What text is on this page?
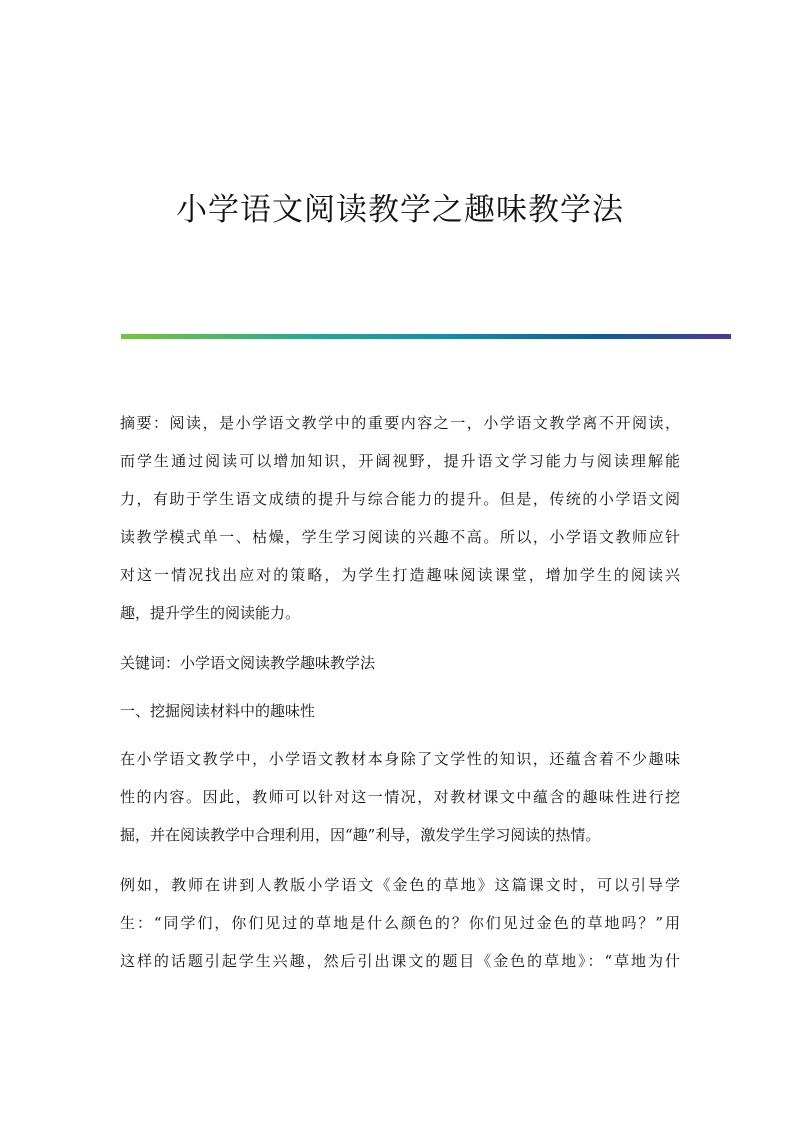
小学语文阅读教学之趣味教学法

摘要：阅读，是小学语文教学中的重要内容之一，小学语文教学离不开阅读，
而学生通过阅读可以增加知识，开阔视野，提升语文学习能力与阅读理解能
力，有助于学生语文成绩的提升与综合能力的提升。但是，传统的小学语文阅
读教学模式单一、枯燥，学生学习阅读的兴趣不高。所以，小学语文教师应针
对这一情况找出应对的策略，为学生打造趣味阅读课堂，增加学生的阅读兴
趣，提升学生的阅读能力。

关键词：小学语文阅读教学趣味教学法

一、挖掘阅读材料中的趣味性

在小学语文教学中，小学语文教材本身除了文学性的知识，还蕴含着不少趣味
性的内容。因此，教师可以针对这一情况，对教材课文中蕴含的趣味性进行挖
掘，并在阅读教学中合理利用，因“趣”利导，激发学生学习阅读的热情。

例如，教师在讲到人教版小学语文《金色的草地》这篇课文时，可以引导学
生：“同学们，你们见过的草地是什么颜色的？你们见过金色的草地吗？”用
这样的话题引起学生兴趣，然后引出课文的题目《金色的草地》：“草地为什
